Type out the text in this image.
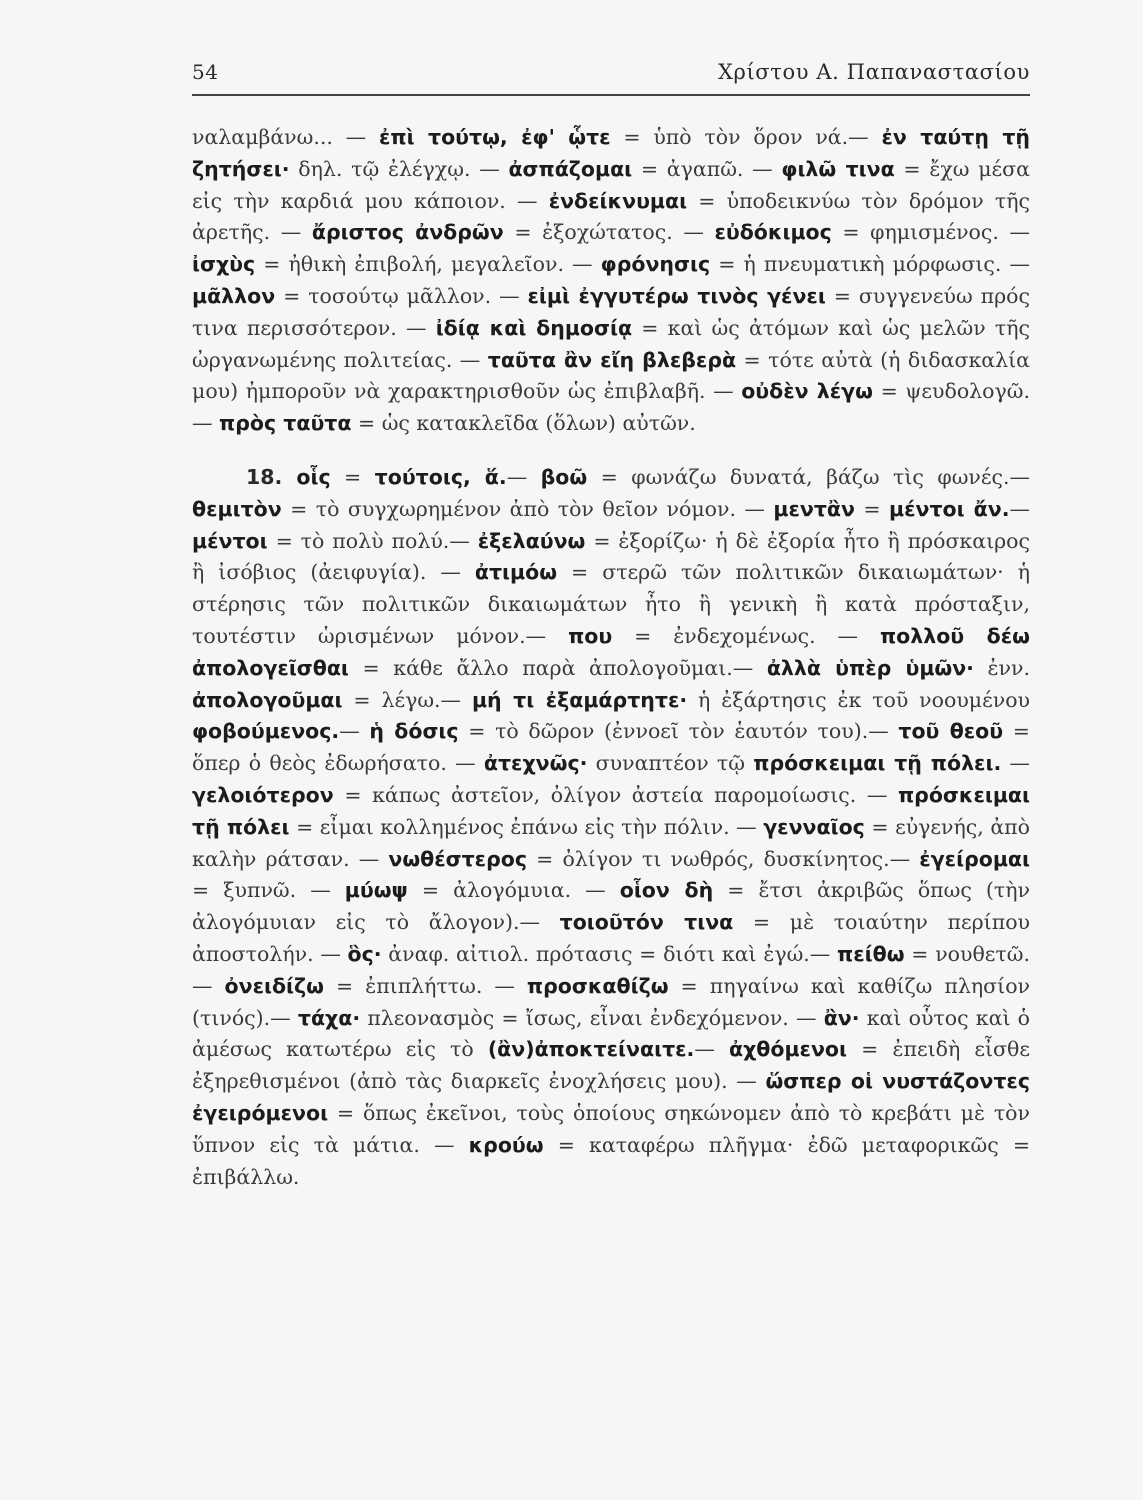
54	Χρίστου Α. Παπαναστασίου

ναλαμβάνω... — ἐπὶ τούτῳ, ἐφ' ᾧτε = ὑπὸ τὸν ὅρον νά.— ἐν ταύτῃ τῇ ζητήσει· δηλ. τῷ ἐλέγχῳ. — ἀσπάζομαι = ἀγαπῶ. — φιλῶ τινα = ἔχω μέσα εἰς τὴν καρδιά μου κάποιον. — ἐνδείκνυμαι = ὑποδεικνύω τὸν δρόμον τῆς ἀρετῆς. — ἄριστος ἀνδρῶν = ἐξοχώτατος. — εὐδόκιμος = φημισμένος. — ἰσχὺς = ἠθικὴ ἐπιβολή, μεγαλεῖον. — φρόνησις = ἡ πνευματικὴ μόρφωσις. — μᾶλλον = τοσούτῳ μᾶλλον. — εἰμὶ ἐγγυτέρω τινὸς γένει = συγγενεύω πρός τινα περισσότερον. — ἰδίᾳ καὶ δημοσίᾳ = καὶ ὡς ἀτόμων καὶ ὡς μελῶν τῆς ὠργανωμένης πολιτείας. — ταῦτα ἂν εἴη βλεβερὰ = τότε αὐτὰ (ἡ διδασκαλία μου) ἠμποροῦν νὰ χαρακτηρισθοῦν ὡς ἐπιβλαβῆ. — οὐδὲν λέγω = ψευδολογῶ. — πρὸς ταῦτα = ὡς κατακλεῖδα (ὅλων) αὐτῶν.

18. οἷς = τούτοις, ἅ.— βοῶ = φωνάζω δυνατά, βάζω τὶς φωνές.— θεμιτὸν = τὸ συγχωρημένον ἀπὸ τὸν θεῖον νόμον. — μεντἂν = μέντοι ἄν.— μέντοι = τὸ πολὺ πολύ.— ἐξελαύνω = ἐξορίζω· ἡ δὲ ἐξορία ἦτο ἢ πρόσκαιρος ἢ ἰσόβιος (ἀειφυγία). — ἀτιμόω = στερῶ τῶν πολιτικῶν δικαιωμάτων· ἡ στέρησις τῶν πολιτικῶν δικαιωμάτων ἦτο ἢ γενικὴ ἢ κατὰ πρόσταξιν, τουτέστιν ὡρισμένων μόνον.— που = ἐνδεχομένως. — πολλοῦ δέω ἀπολογεῖσθαι = κάθε ἄλλο παρὰ ἀπολογοῦμαι.— ἀλλὰ ὑπὲρ ὑμῶν· ἐνν. ἀπολογοῦμαι = λέγω.— μή τι ἐξαμάρτητε· ἡ ἐξάρτησις ἐκ τοῦ νοουμένου φοβούμενος.— ἡ δόσις = τὸ δῶρον (ἐννοεῖ τὸν ἑαυτόν του).— τοῦ θεοῦ = ὅπερ ὁ θεὸς ἐδωρήσατο. — ἀτεχνῶς· συναπτέον τῷ πρόσκειμαι τῇ πόλει. — γελοιότερον = κάπως ἀστεῖον, ὀλίγον ἀστεία παρομοίωσις. — πρόσκειμαι τῇ πόλει = εἶμαι κολλημένος ἐπάνω εἰς τὴν πόλιν. — γενναῖος = εὐγενής, ἀπὸ καλὴν ράτσαν. — νωθέστερος = ὀλίγον τι νωθρός, δυσκίνητος.— ἐγείρομαι = ξυπνῶ. — μύωψ = ἀλογόμυια. — οἷον δὴ = ἔτσι ἀκριβῶς ὅπως (τὴν ἀλογόμυιαν εἰς τὸ ἄλογον).— τοιοῦτόν τινα = μὲ τοιαύτην περίπου ἀποστολήν. — ὃς· ἀναφ. αἰτιολ. πρότασις = διότι καὶ ἐγώ.— πείθω = νουθετῶ.— ὀνειδίζω = ἐπιπλήττω. — προσκαθίζω = πηγαίνω καὶ καθίζω πλησίον (τινός).— τάχα· πλεονασμὸς = ἴσως, εἶναι ἐνδεχόμενον. — ἂν· καὶ οὗτος καὶ ὁ ἀμέσως κατωτέρω εἰς τὸ (ἂν)ἀποκτείναιτε.— ἀχθόμενοι = ἐπειδὴ εἶσθε ἐξηρεθισμένοι (ἀπὸ τὰς διαρκεῖς ἐνοχλήσεις μου). — ὥσπερ οἱ νυστάζοντες ἐγειρόμενοι = ὅπως ἐκεῖνοι, τοὺς ὁποίους σηκώνομεν ἀπὸ τὸ κρεβάτι μὲ τὸν ὕπνον εἰς τὰ μάτια. — κρούω = καταφέρω πλῆγμα· ἐδῶ μεταφορικῶς = ἐπιβάλλω.
